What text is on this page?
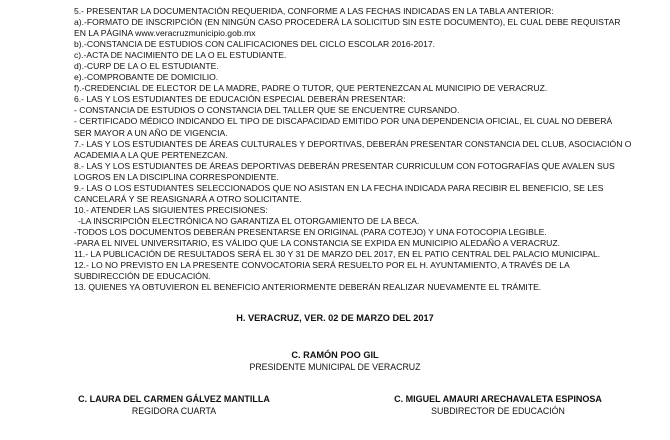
5.- PRESENTAR LA DOCUMENTACIÓN REQUERIDA, CONFORME A LAS FECHAS INDICADAS EN LA TABLA ANTERIOR:
a).-FORMATO DE INSCRIPCIÓN (EN NINGÚN CASO PROCEDERÁ LA SOLICITUD SIN ESTE DOCUMENTO), EL CUAL DEBE REQUISTAR
EN LA PÁGINA www.veracruzmunicipio.gob.mx
b).-CONSTANCIA DE ESTUDIOS CON CALIFICACIONES DEL CICLO ESCOLAR 2016-2017.
c).-ACTA DE NACIMIENTO DE LA O EL ESTUDIANTE.
d).-CURP DE LA O EL ESTUDIANTE.
e).-COMPROBANTE DE DOMICILIO.
f).-CREDENCIAL DE ELECTOR DE LA MADRE, PADRE O TUTOR, QUE PERTENEZCAN AL MUNICIPIO DE VERACRUZ.
6.- LAS Y LOS ESTUDIANTES DE EDUCACIÓN ESPECIAL DEBERÁN PRESENTAR:
- CONSTANCIA DE ESTUDIOS O CONSTANCIA DEL TALLER QUE SE ENCUENTRE CURSANDO.
- CERTIFICADO MÉDICO INDICANDO EL TIPO DE DISCAPACIDAD EMITIDO POR UNA DEPENDENCIA OFICIAL, EL CUAL NO DEBERÁ
SER MAYOR A UN AÑO DE VIGENCIA.
7.- LAS Y LOS ESTUDIANTES DE ÁREAS CULTURALES Y DEPORTIVAS, DEBERÁN PRESENTAR CONSTANCIA DEL CLUB, ASOCIACIÓN O
ACADEMIA A LA QUE PERTENEZCAN.
8.- LAS Y LOS ESTUDIANTES DE ÁREAS DEPORTIVAS DEBERÁN PRESENTAR CURRICULUM CON FOTOGRAFÍAS QUE AVALEN SUS
LOGROS EN LA DISCIPLINA CORRESPONDIENTE.
9.- LAS O LOS ESTUDIANTES SELECCIONADOS QUE NO ASISTAN EN LA FECHA INDICADA PARA RECIBIR EL BENEFICIO, SE LES
CANCELARÁ Y SE REASIGNARÁ A OTRO SOLICITANTE.
10.- ATENDER LAS SIGUIENTES PRECISIONES:
-LA INSCRIPCIÓN ELECTRÓNICA NO GARANTIZA EL OTORGAMIENTO DE LA BECA.
-TODOS LOS DOCUMENTOS DEBERÁN PRESENTARSE EN ORIGINAL (PARA COTEJO) Y UNA FOTOCOPIA LEGIBLE.
-PARA EL NIVEL UNIVERSITARIO, ES VÁLIDO QUE LA CONSTANCIA SE EXPIDA EN MUNICIPIO ALEDAÑO A VERACRUZ.
11.- LA PUBLICACIÓN DE RESULTADOS SERÁ EL 30 Y 31 DE MARZO DEL 2017, EN EL PATIO CENTRAL DEL PALACIO MUNICIPAL.
12.- LO NO PREVISTO EN LA PRESENTE CONVOCATORIA SERÁ RESUELTO POR EL H. AYUNTAMIENTO, A TRAVÉS DE LA
SUBDIRECCIÓN DE EDUCACIÓN.
13. QUIENES YA OBTUVIERON EL BENEFICIO ANTERIORMENTE DEBERÁN REALIZAR NUEVAMENTE EL TRÁMITE.
H. VERACRUZ, VER. 02 DE MARZO DEL 2017
C. RAMÓN POO GIL
PRESIDENTE MUNICIPAL DE VERACRUZ
C. LAURA DEL CARMEN GÁLVEZ MANTILLA
REGIDORA CUARTA
C. MIGUEL AMAURI ARECHAVALETA ESPINOSA
SUBDIRECTOR DE EDUCACIÓN
